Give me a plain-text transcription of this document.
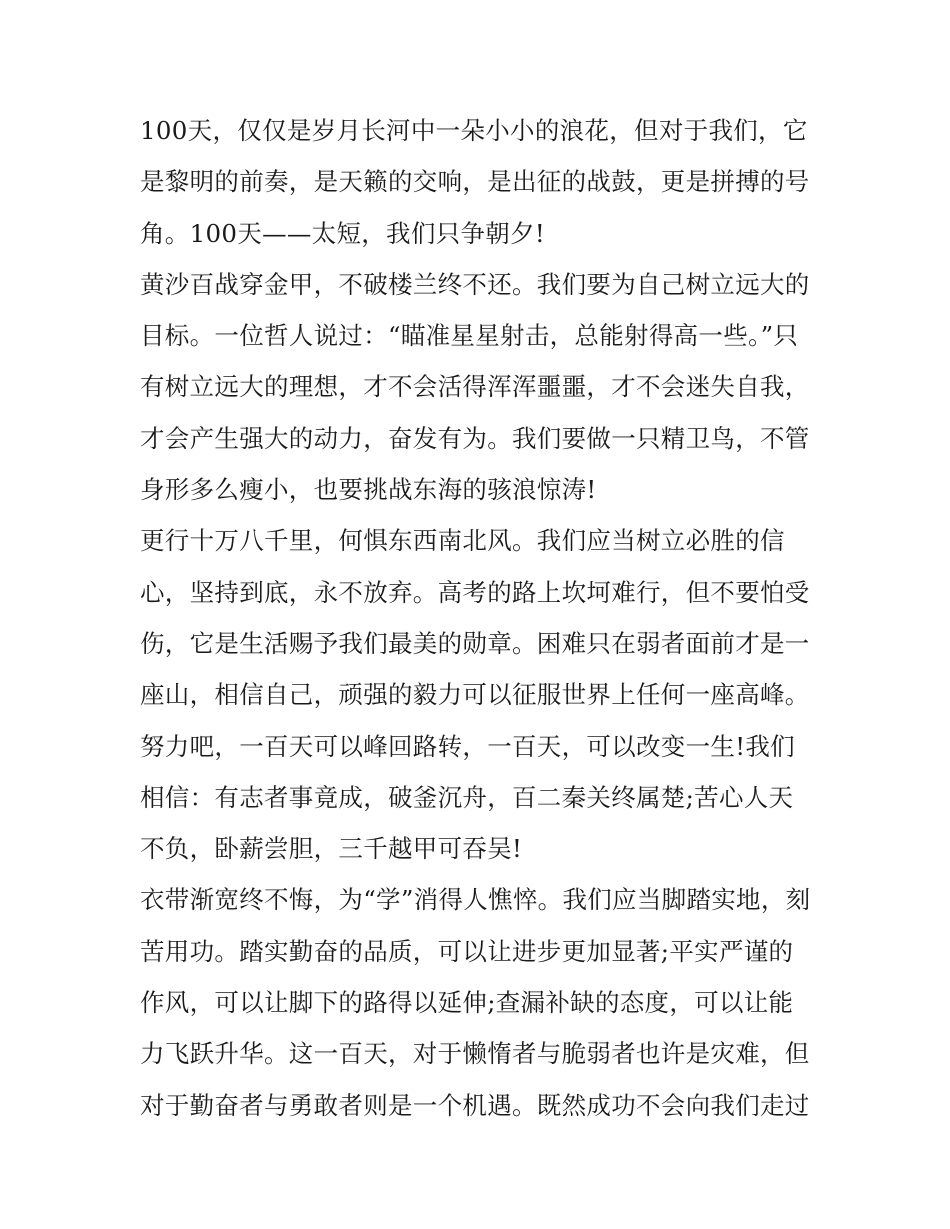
100天，仅仅是岁月长河中一朵小小的浪花，但对于我们，它
是黎明的前奏，是天籁的交响，是出征的战鼓，更是拼搏的号
角。100天——太短，我们只争朝夕!

黄沙百战穿金甲，不破楼兰终不还。我们要为自己树立远大的
目标。一位哲人说过：“瞄准星星射击，总能射得高一些。”只
有树立远大的理想，才不会活得浑浑噩噩，才不会迷失自我，
才会产生强大的动力，奋发有为。我们要做一只精卫鸟，不管
身形多么瘦小，也要挑战东海的骇浪惊涛!

更行十万八千里，何惧东西南北风。我们应当树立必胜的信
心，坚持到底，永不放弃。高考的路上坎坷难行，但不要怕受
伤，它是生活赐予我们最美的勋章。困难只在弱者面前才是一
座山，相信自己，顽强的毅力可以征服世界上任何一座高峰。
努力吧，一百天可以峰回路转，一百天，可以改变一生!我们
相信：有志者事竟成，破釜沉舟，百二秦关终属楚;苦心人天
不负，卧薪尝胆，三千越甲可吞吴!

衣带渐宽终不悔，为“学”消得人憔悴。我们应当脚踏实地，刻
苦用功。踏实勤奋的品质，可以让进步更加显著;平实严谨的
作风，可以让脚下的路得以延伸;查漏补缺的态度，可以让能
力飞跃升华。这一百天，对于懒惰者与脆弱者也许是灾难，但
对于勤奋者与勇敢者则是一个机遇。既然成功不会向我们走过
